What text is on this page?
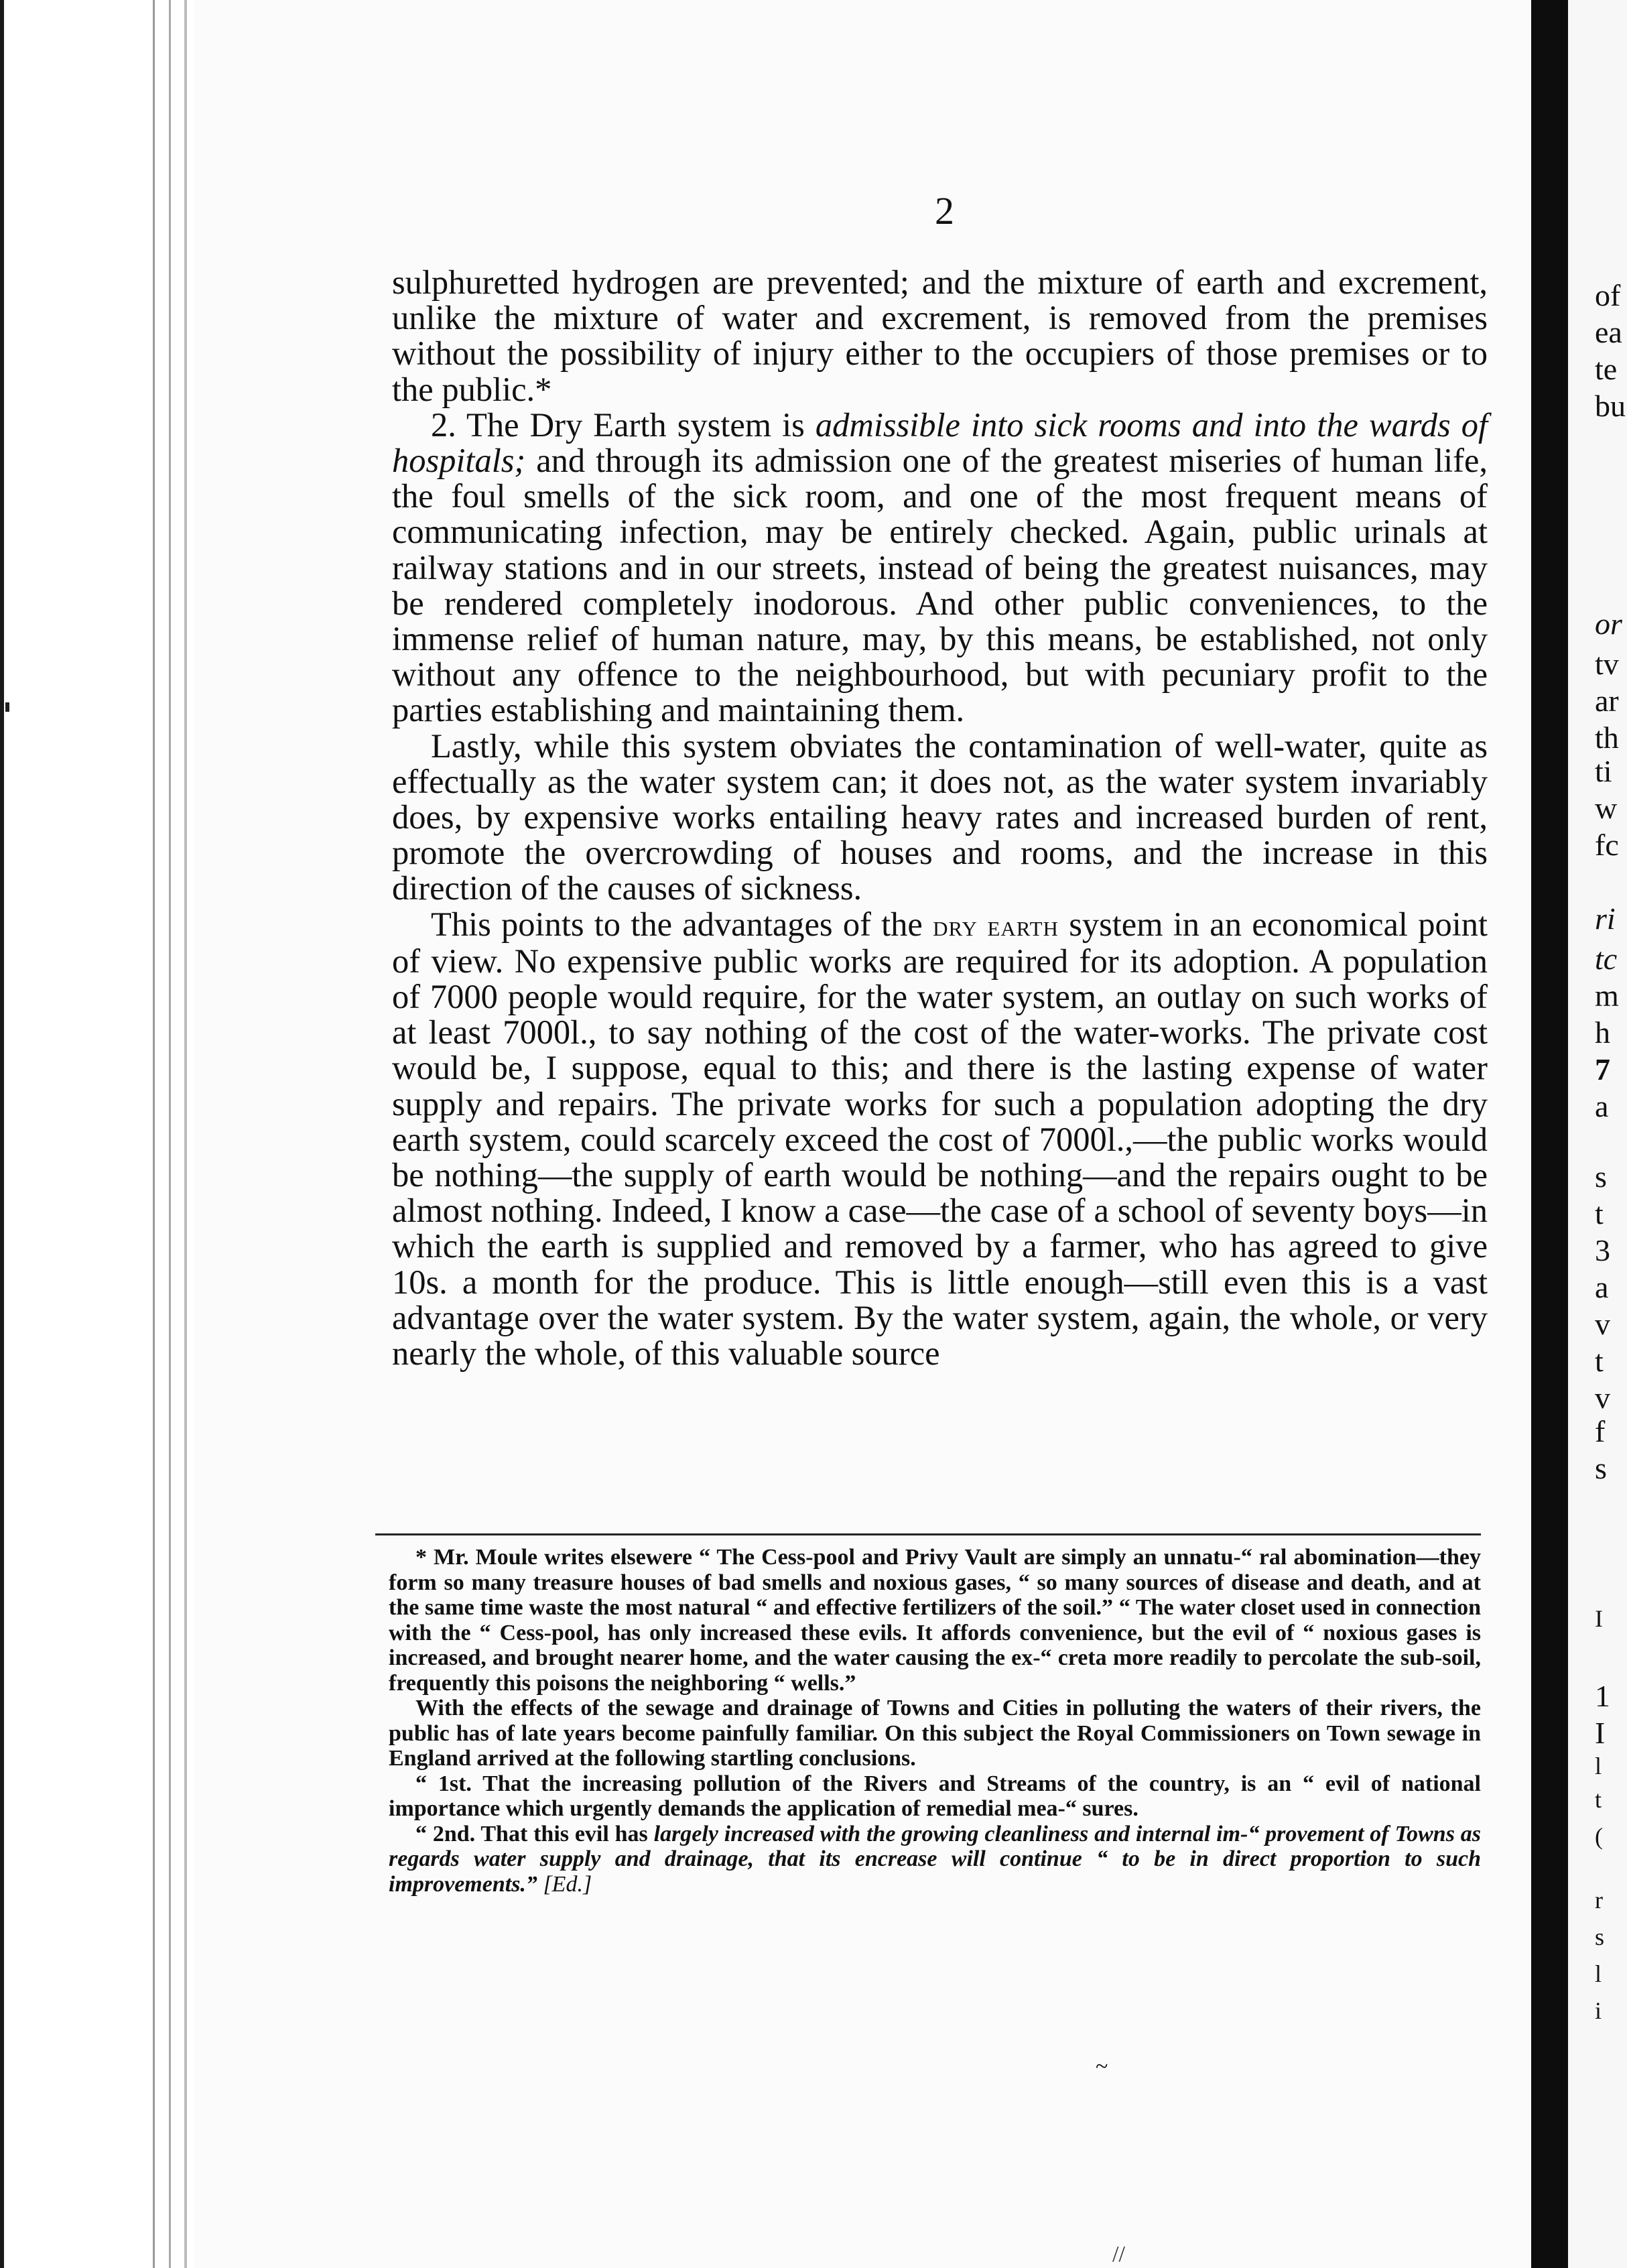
2

sulphuretted hydrogen are prevented; and the mixture of earth and excrement, unlike the mixture of water and excrement, is removed from the premises without the possibility of injury either to the occupiers of those premises or to the public.*

2. The Dry Earth system is admissible into sick rooms and into the wards of hospitals; and through its admission one of the greatest miseries of human life, the foul smells of the sick room, and one of the most frequent means of communicating infection, may be entirely checked. Again, public urinals at railway stations and in our streets, instead of being the greatest nuisances, may be rendered completely inodorous. And other public conveniences, to the immense relief of human nature, may, by this means, be established, not only without any offence to the neighbourhood, but with pecuniary profit to the parties establishing and maintaining them.

Lastly, while this system obviates the contamination of well-water, quite as effectually as the water system can; it does not, as the water system invariably does, by expensive works entailing heavy rates and increased burden of rent, promote the overcrowding of houses and rooms, and the increase in this direction of the causes of sickness.

This points to the advantages of the dry earth system in an economical point of view. No expensive public works are required for its adoption. A population of 7000 people would require, for the water system, an outlay on such works of at least 7000l., to say nothing of the cost of the water-works. The private cost would be, I suppose, equal to this; and there is the lasting expense of water supply and repairs. The private works for such a population adopting the dry earth system, could scarcely exceed the cost of 7000l.,—the public works would be nothing—the supply of earth would be nothing—and the repairs ought to be almost nothing. Indeed, I know a case—the case of a school of seventy boys—in which the earth is supplied and removed by a farmer, who has agreed to give 10s. a month for the produce. This is little enough—still even this is a vast advantage over the water system. By the water system, again, the whole, or very nearly the whole, of this valuable source

* Mr. Moule writes elsewere “ The Cess-pool and Privy Vault are simply an unnatu-“ ral abomination—they form so many treasure houses of bad smells and noxious gases, “ so many sources of disease and death, and at the same time waste the most natural “ and effective fertilizers of the soil.” “ The water closet used in connection with the “ Cess-pool, has only increased these evils. It affords convenience, but the evil of “ noxious gases is increased, and brought nearer home, and the water causing the ex-“ creta more readily to percolate the sub-soil, frequently this poisons the neighboring “ wells.”

With the effects of the sewage and drainage of Towns and Cities in polluting the waters of their rivers, the public has of late years become painfully familiar. On this subject the Royal Commissioners on Town sewage in England arrived at the following startling conclusions.

“ 1st. That the increasing pollution of the Rivers and Streams of the country, is an “ evil of national importance which urgently demands the application of remedial mea-“ sures.

“ 2nd. That this evil has largely increased with the growing cleanliness and internal im-“ provement of Towns as regards water supply and drainage, that its encrease will continue “ to be in direct proportion to such improvements.” [Ed.]

~
//
of
ea
te
bu
or
tv
ar
th
ti
w
fc
ri
tc
m
h
7
a
s
t
3
a
v
t
v
f
s
I
1
I
l
t
(
r
s
l
i
